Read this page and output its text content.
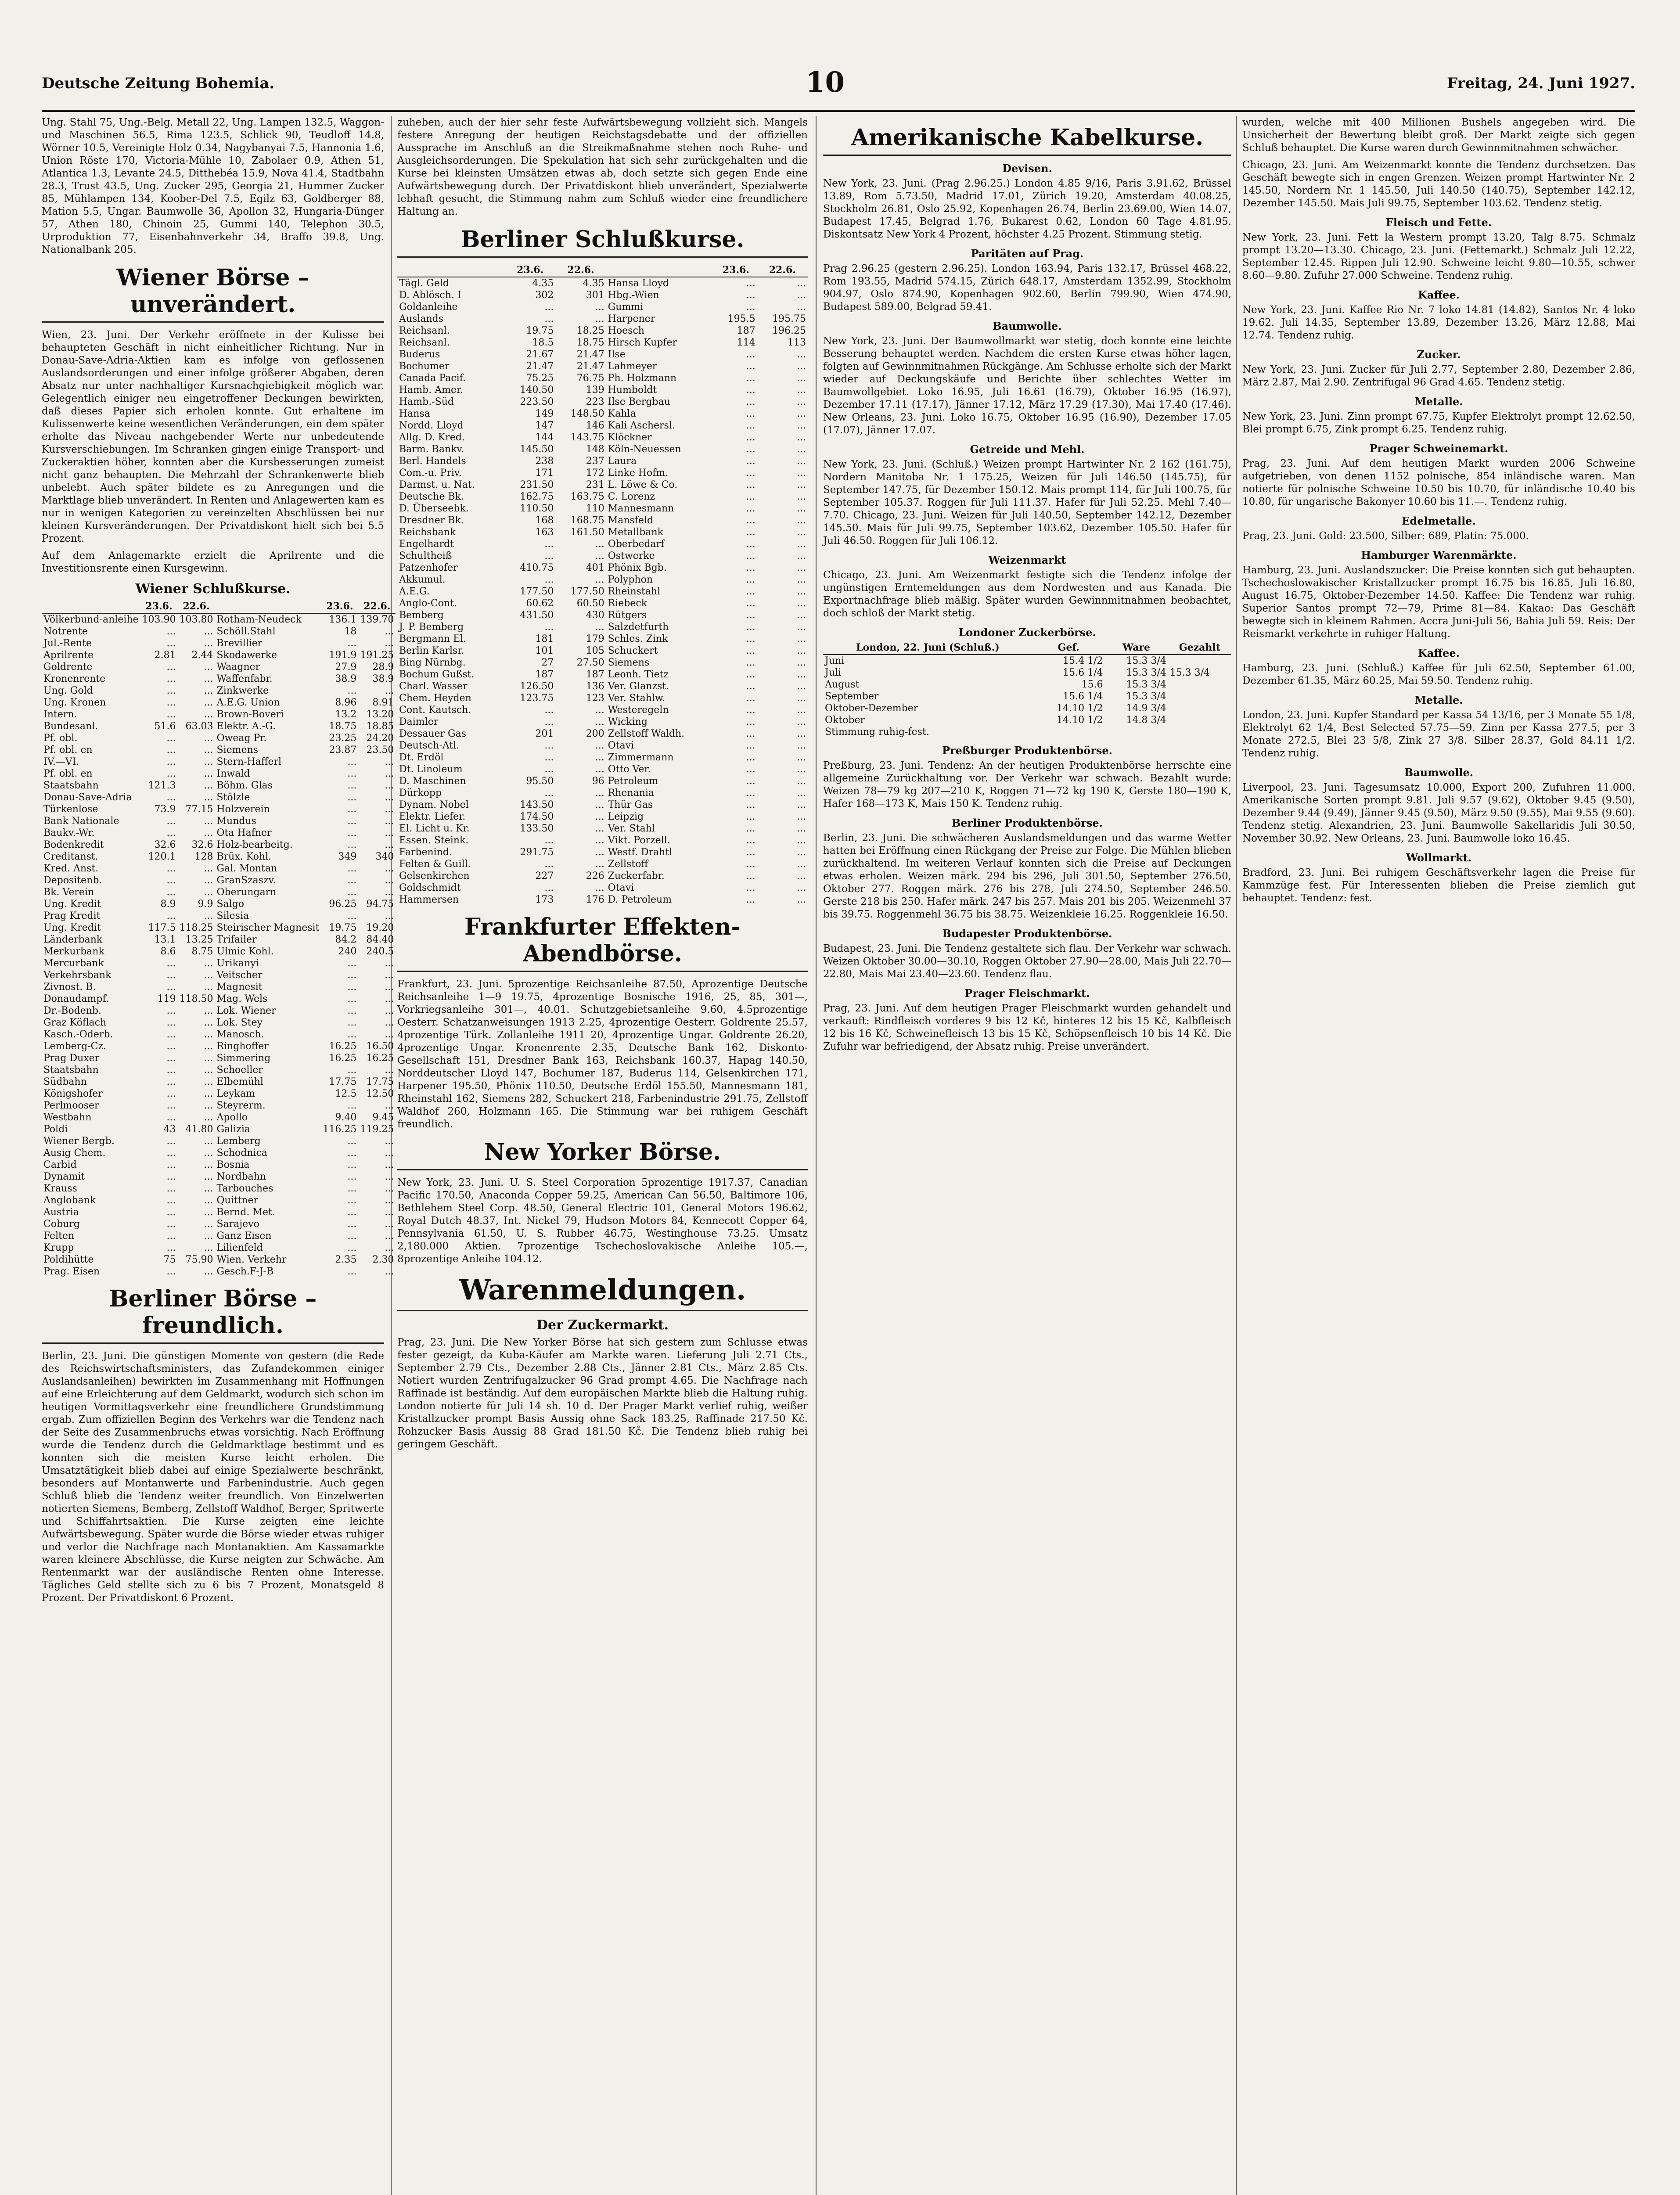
Deutsche Zeitung Bohemia.	10	Freitag, 24. Juni 1927.

Ung. Stahl 75, Ung.-Belg. Metall 22, Ung. Lampen 132.5, Waggon- und Maschinen 56.5, Rima 123.5, Schlick 90, Teudloff 14.8, Wörner 10.5, Vereinigte Holz 0.34, Nagybanyai 7.5, Hannonia 1.6, Union Röste 170, Victoria-Mühle 10, Zabolaer 0.9, Athen 51, Atlantica 1.3, Levante 24.5, Ditthebéa 15.9, Nova 41.4, Stadtbahn 28.3, Trust 43.5, Ung. Zucker 295, Georgia 21, Hummer Zucker 85, Mühlampen 134, Koober-Del 7.5, Egilz 63, Goldberger 88, Mation 5.5, Ungar. Baumwolle 36, Apollon 32, Hungaria-Dünger 57, Athen 180, Chinoin 25, Gummi 140, Telephon 30.5, Urproduktion 77, Eisenbahnverkehr 34, Braffo 39.8, Ung. Nationalbank 205.

Wiener Börse – unverändert.

Wien, 23. Juni. Der Verkehr eröffnete in der Kulisse bei behaupteten Geschäft in nicht einheitlicher Richtung. Nur in Donau-Save-Adria-Aktien kam es infolge von geflossenen Auslandsorderungen und einer infolge größerer Abgaben, deren Absatz nur unter nachhaltiger Kursnachgiebigkeit möglich war. Gelegentlich einiger neu eingetroffener Deckungen bewirkten, daß dieses Papier sich erholen konnte. Gut erhaltene im Kulissenwerte keine wesentlichen Veränderungen, ein dem später erholte das Niveau nachgebender Werte nur unbedeutende Kursverschiebungen. Im Schranken gingen einige Transport- und Zuckeraktien höher, konnten aber die Kursbesserungen zumeist nicht ganz behaupten. Die Mehrzahl der Schrankenwerte blieb unbelebt. Auch später bildete es zu Anregungen und die Marktlage blieb unverändert. In Renten und Anlagewerten kam es nur in wenigen Kategorien zu vereinzelten Abschlüssen bei nur kleinen Kursveränderungen. Der Privatdiskont hielt sich bei 5.5 Prozent.

Auf dem Anlagemarkte erzielt die Aprilrente und die Investitionsrente einen Kursgewinn.

Wiener Schlußkurse.
	23.6.	22.6.		23.6.	22.6.
Völkerbund-anleihe	103.90	103.80	Rotham-Neudeck	136.1	139.70
Notrente	...	...	Schöll.Stahl	18	...
Jul.-Rente	...	...	Brevillier	...	...
Aprilrente	2.81	2.44	Skodawerke	191.9	191.25
Goldrente	...	...	Waagner	27.9	28.9
Kronenrente	...	...	Waffenfabr.	38.9	38.9
Ung. Gold	...	...	Zinkwerke	...	...
Ung. Kronen	...	...	A.E.G. Union	8.96	8.91
Intern.	...	...	Brown-Boveri	13.2	13.20
Bundesanl.	51.6	63.03	Elektr. A.-G.	18.75	18.85
Pf. obl.	...	...	Oweag Pr.	23.25	24.20
Pf. obl. en	...	...	Siemens	23.87	23.50
IV.—VI.	...	...	Stern-Hafferl	...	...
Pf. obl. en	...	...	Inwald	...	...
Staatsbahn	121.3	...	Böhm. Glas	...	...
Donau-Save-Adria	...	...	Stölzle	...	...
Türkenlose	73.9	77.15	Holzverein	...	...
Bank Nationale	...	...	Mundus	...	...
Baukv.-Wr.	...	...	Ota Hafner	...	...
Bodenkredit	32.6	32.6	Holz-bearbeitg.	...	...
Creditanst.	120.1	128	Brüx. Kohl.	349	340
Kred. Anst.	...	...	Gal. Montan	...	...
Depositenb.	...	...	GranSzaszv.	...	...
Bk. Verein	...	...	Oberungarn	...	...
Ung. Kredit	8.9	9.9	Salgo	96.25	94.75
Prag Kredit	...	...	Silesia	...	...
Ung. Kredit	117.5	118.25	Steirischer Magnesit	19.75	19.20
Länderbank	13.1	13.25	Trifailer	84.2	84.40
Merkurbank	8.6	8.75	Ulmic Kohl.	240	240.5
Mercurbank	...	...	Urikanyi	...	...
Verkehrsbank	...	...	Veitscher	...	...
Zivnost. B.	...	...	Magnesit	...	...
Donaudampf.	119	118.50	Mag. Wels	...	...
Dr.-Bodenb.	...	...	Lok. Wiener	...	...
Graz Köflach	...	...	Lok. Stey	...	...
Kasch.-Oderb.	...	...	Manosch.	...	...
Lemberg-Cz.	...	...	Ringhoffer	16.25	16.50
Prag Duxer	...	...	Simmering	16.25	16.25
Staatsbahn	...	...	Schoeller	...	...
Südbahn	...	...	Elbemühl	17.75	17.75
Königshofer	...	...	Leykam	12.5	12.50
Perlmooser	...	...	Steyrerm.	...	...
Westbahn	...	...	Apollo	9.40	9.45
Poldi	43	41.80	Galizia	116.25	119.25
Wiener Bergb.	...	...	Lemberg	...	...
Ausig Chem.	...	...	Schodnica	...	...
Carbid	...	...	Bosnia	...	...
Dynamit	...	...	Nordbahn	...	...
Krauss	...	...	Tarbouches	...	...
Anglobank	...	...	Quittner	...	...
Austria	...	...	Bernd. Met.	...	...
Coburg	...	...	Sarajevo	...	...
Felten	...	...	Ganz Eisen	...	...
Krupp	...	...	Lilienfeld	...	...
Poldihütte	75	75.90	Wien. Verkehr	2.35	2.30
Prag. Eisen	...	...	Gesch.F-J-B	...	...
Berliner Börse – freundlich.

Berlin, 23. Juni. Die günstigen Momente von gestern (die Rede des Reichswirtschaftsministers, das Zufandekommen einiger Auslandsanleihen) bewirkten im Zusammenhang mit Hoffnungen auf eine Erleichterung auf dem Geldmarkt, wodurch sich schon im heutigen Vormittagsverkehr eine freundlichere Grundstimmung ergab. Zum offiziellen Beginn des Verkehrs war die Tendenz nach der Seite des Zusammenbruchs etwas vorsichtig. Nach Eröffnung wurde die Tendenz durch die Geldmarktlage bestimmt und es konnten sich die meisten Kurse leicht erholen. Die Umsatztätigkeit blieb dabei auf einige Spezialwerte beschränkt, besonders auf Montanwerte und Farbenindustrie. Auch gegen Schluß blieb die Tendenz weiter freundlich. Von Einzelwerten notierten Siemens, Bemberg, Zellstoff Waldhof, Berger, Spritwerte und Schiffahrtsaktien. Die Kurse zeigten eine leichte Aufwärtsbewegung. Später wurde die Börse wieder etwas ruhiger und verlor die Nachfrage nach Montanaktien. Am Kassamarkte waren kleinere Abschlüsse, die Kurse neigten zur Schwäche. Am Rentenmarkt war der ausländische Renten ohne Interesse. Tägliches Geld stellte sich zu 6 bis 7 Prozent, Monatsgeld 8 Prozent. Der Privatdiskont 6 Prozent.

zuheben, auch der hier sehr feste Aufwärtsbewegung vollzieht sich. Mangels festere Anregung der heutigen Reichstagsdebatte und der offiziellen Aussprache im Anschluß an die Streikmaßnahme stehen noch Ruhe- und Ausgleichsorderungen. Die Spekulation hat sich sehr zurückgehalten und die Kurse bei kleinsten Umsätzen etwas ab, doch setzte sich gegen Ende eine Aufwärtsbewegung durch. Der Privatdiskont blieb unverändert, Spezialwerte lebhaft gesucht, die Stimmung nahm zum Schluß wieder eine freundlichere Haltung an.

Berliner Schlußkurse.
	23.6.	22.6.		23.6.	22.6.
Tägl. Geld	4.35	4.35	Hansa Lloyd	...	...
D. Ablösch. I	302	301	Hbg.-Wien	...	...
Goldanleihe	...	...	Gummi	...	...
Auslands	...	...	Harpener	195.5	195.75
Reichsanl.	19.75	18.25	Hoesch	187	196.25
Reichsanl.	18.5	18.75	Hirsch Kupfer	114	113
Buderus	21.67	21.47	Ilse	...	...
Bochumer	21.47	21.47	Lahmeyer	...	...
Canada Pacif.	75.25	76.75	Ph. Holzmann	...	...
Hamb. Amer.	140.50	139	Humboldt	...	...
Hamb.-Süd	223.50	223	Ilse Bergbau	...	...
Hansa	149	148.50	Kahla	...	...
Nordd. Lloyd	147	146	Kali Aschersl.	...	...
Allg. D. Kred.	144	143.75	Klöckner	...	...
Barm. Bankv.	145.50	148	Köln-Neuessen	...	...
Berl. Handels	238	237	Laura	...	...
Com.-u. Priv.	171	172	Linke Hofm.	...	...
Darmst. u. Nat.	231.50	231	L. Löwe & Co.	...	...
Deutsche Bk.	162.75	163.75	C. Lorenz	...	...
D. Überseebk.	110.50	110	Mannesmann	...	...
Dresdner Bk.	168	168.75	Mansfeld	...	...
Reichsbank	163	161.50	Metallbank	...	...
Engelhardt	...	...	Oberbedarf	...	...
Schultheiß	...	...	Ostwerke	...	...
Patzenhofer	410.75	401	Phönix Bgb.	...	...
Akkumul.	...	...	Polyphon	...	...
A.E.G.	177.50	177.50	Rheinstahl	...	...
Anglo-Cont.	60.62	60.50	Riebeck	...	...
Bemberg	431.50	430	Rütgers	...	...
J. P. Bemberg	...	...	Salzdetfurth	...	...
Bergmann El.	181	179	Schles. Zink	...	...
Berlin Karlsr.	101	105	Schuckert	...	...
Bing Nürnbg.	27	27.50	Siemens	...	...
Bochum Gußst.	187	187	Leonh. Tietz	...	...
Charl. Wasser	126.50	136	Ver. Glanzst.	...	...
Chem. Heyden	123.75	123	Ver. Stahlw.	...	...
Cont. Kautsch.	...	...	Westeregeln	...	...
Daimler	...	...	Wicking	...	...
Dessauer Gas	201	200	Zellstoff Waldh.	...	...
Deutsch-Atl.	...	...	Otavi	...	...
Dt. Erdöl	...	...	Zimmermann	...	...
Dt. Linoleum	...	...	Otto Ver.	...	...
D. Maschinen	95.50	96	Petroleum	...	...
Dürkopp	...	...	Rhenania	...	...
Dynam. Nobel	143.50	...	Thür Gas	...	...
Elektr. Liefer.	174.50	...	Leipzig	...	...
El. Licht u. Kr.	133.50	...	Ver. Stahl	...	...
Essen. Steink.	...	...	Vikt. Porzell.	...	...
Farbenind.	291.75	...	Westf. Drahtl	...	...
Felten & Guill.	...	...	Zellstoff	...	...
Gelsenkirchen	227	226	Zuckerfabr.	...	...
Goldschmidt	...	...	Otavi	...	...
Hammersen	173	176	D. Petroleum	...	...
Frankfurter Effekten-Abendbörse.

Frankfurt, 23. Juni. 5prozentige Reichsanleihe 87.50, Aprozentige Deutsche Reichsanleihe 1—9 19.75, 4prozentige Bosnische 1916, 25, 85, 301—, Vorkriegsanleihe 301—, 40.01. Schutzgebietsanleihe 9.60, 4.5prozentige Oesterr. Schatzanweisungen 1913 2.25, 4prozentige Oesterr. Goldrente 25.57, 4prozentige Türk. Zollanleihe 1911 20, 4prozentige Ungar. Goldrente 26.20, 4prozentige Ungar. Kronenrente 2.35, Deutsche Bank 162, Diskonto-Gesellschaft 151, Dresdner Bank 163, Reichsbank 160.37, Hapag 140.50, Norddeutscher Lloyd 147, Bochumer 187, Buderus 114, Gelsenkirchen 171, Harpener 195.50, Phönix 110.50, Deutsche Erdöl 155.50, Mannesmann 181, Rheinstahl 162, Siemens 282, Schuckert 218, Farbenindustrie 291.75, Zellstoff Waldhof 260, Holzmann 165. Die Stimmung war bei ruhigem Geschäft freundlich.

New Yorker Börse.

New York, 23. Juni. U. S. Steel Corporation 5prozentige 1917.37, Canadian Pacific 170.50, Anaconda Copper 59.25, American Can 56.50, Baltimore 106, Bethlehem Steel Corp. 48.50, General Electric 101, General Motors 196.62, Royal Dutch 48.37, Int. Nickel 79, Hudson Motors 84, Kennecott Copper 64, Pennsylvania 61.50, U. S. Rubber 46.75, Westinghouse 73.25. Umsatz 2,180.000 Aktien. 7prozentige Tschechoslovakische Anleihe 105.—, 8prozentige Anleihe 104.12.

Warenmeldungen.
Der Zuckermarkt.

Prag, 23. Juni. Die New Yorker Börse hat sich gestern zum Schlusse etwas fester gezeigt, da Kuba-Käufer am Markte waren. Lieferung Juli 2.71 Cts., September 2.79 Cts., Dezember 2.88 Cts., Jänner 2.81 Cts., März 2.85 Cts. Notiert wurden Zentrifugalzucker 96 Grad prompt 4.65. Die Nachfrage nach Raffinade ist beständig. Auf dem europäischen Markte blieb die Haltung ruhig. London notierte für Juli 14 sh. 10 d. Der Prager Markt verlief ruhig, weißer Kristallzucker prompt Basis Aussig ohne Sack 183.25, Raffinade 217.50 Kč. Rohzucker Basis Aussig 88 Grad 181.50 Kč. Die Tendenz blieb ruhig bei geringem Geschäft.

Amerikanische Kabelkurse.
Devisen.

New York, 23. Juni. (Prag 2.96.25.) London 4.85 9/16, Paris 3.91.62, Brüssel 13.89, Rom 5.73.50, Madrid 17.01, Zürich 19.20, Amsterdam 40.08.25, Stockholm 26.81, Oslo 25.92, Kopenhagen 26.74, Berlin 23.69.00, Wien 14.07, Budapest 17.45, Belgrad 1.76, Bukarest 0.62, London 60 Tage 4.81.95. Diskontsatz New York 4 Prozent, höchster 4.25 Prozent. Stimmung stetig.

Paritäten auf Prag.

Prag 2.96.25 (gestern 2.96.25). London 163.94, Paris 132.17, Brüssel 468.22, Rom 193.55, Madrid 574.15, Zürich 648.17, Amsterdam 1352.99, Stockholm 904.97, Oslo 874.90, Kopenhagen 902.60, Berlin 799.90, Wien 474.90, Budapest 589.00, Belgrad 59.41.

Baumwolle.

New York, 23. Juni. Der Baumwollmarkt war stetig, doch konnte eine leichte Besserung behauptet werden. Nachdem die ersten Kurse etwas höher lagen, folgten auf Gewinnmitnahmen Rückgänge. Am Schlusse erholte sich der Markt wieder auf Deckungskäufe und Berichte über schlechtes Wetter im Baumwollgebiet. Loko 16.95, Juli 16.61 (16.79), Oktober 16.95 (16.97), Dezember 17.11 (17.17), Jänner 17.12, März 17.29 (17.30), Mai 17.40 (17.46). New Orleans, 23. Juni. Loko 16.75, Oktober 16.95 (16.90), Dezember 17.05 (17.07), Jänner 17.07.

Getreide und Mehl.

New York, 23. Juni. (Schluß.) Weizen prompt Hartwinter Nr. 2 162 (161.75), Nordern Manitoba Nr. 1 175.25, Weizen für Juli 146.50 (145.75), für September 147.75, für Dezember 150.12. Mais prompt 114, für Juli 100.75, für September 105.37. Roggen für Juli 111.37. Hafer für Juli 52.25. Mehl 7.40—7.70. Chicago, 23. Juni. Weizen für Juli 140.50, September 142.12, Dezember 145.50. Mais für Juli 99.75, September 103.62, Dezember 105.50. Hafer für Juli 46.50. Roggen für Juli 106.12.

Weizenmarkt

Chicago, 23. Juni. Am Weizenmarkt festigte sich die Tendenz infolge der ungünstigen Erntemeldungen aus dem Nordwesten und aus Kanada. Die Exportnachfrage blieb mäßig. Später wurden Gewinnmitnahmen beobachtet, doch schloß der Markt stetig.

Londoner Zuckerbörse.
London, 22. Juni (Schluß.)	Gef.	Ware	Gezahlt
Juni	15.4 1/2	15.3 3/4	
Juli	15.6 1/4	15.3 3/4	15.3 3/4
August	15.6	15.3 3/4	
September	15.6 1/4	15.3 3/4	
Oktober-Dezember	14.10 1/2	14.9 3/4	
Oktober	14.10 1/2	14.8 3/4	
Stimmung ruhig-fest.			
Preßburger Produktenbörse.

Preßburg, 23. Juni. Tendenz: An der heutigen Produktenbörse herrschte eine allgemeine Zurückhaltung vor. Der Verkehr war schwach. Bezahlt wurde: Weizen 78—79 kg 207—210 K, Roggen 71—72 kg 190 K, Gerste 180—190 K, Hafer 168—173 K, Mais 150 K. Tendenz ruhig.

Berliner Produktenbörse.

Berlin, 23. Juni. Die schwächeren Auslandsmeldungen und das warme Wetter hatten bei Eröffnung einen Rückgang der Preise zur Folge. Die Mühlen blieben zurückhaltend. Im weiteren Verlauf konnten sich die Preise auf Deckungen etwas erholen. Weizen märk. 294 bis 296, Juli 301.50, September 276.50, Oktober 277. Roggen märk. 276 bis 278, Juli 274.50, September 246.50. Gerste 218 bis 250. Hafer märk. 247 bis 257. Mais 201 bis 205. Weizenmehl 37 bis 39.75. Roggenmehl 36.75 bis 38.75. Weizenkleie 16.25. Roggenkleie 16.50.

Budapester Produktenbörse.

Budapest, 23. Juni. Die Tendenz gestaltete sich flau. Der Verkehr war schwach. Weizen Oktober 30.00—30.10, Roggen Oktober 27.90—28.00, Mais Juli 22.70—22.80, Mais Mai 23.40—23.60. Tendenz flau.

Prager Fleischmarkt.

Prag, 23. Juni. Auf dem heutigen Prager Fleischmarkt wurden gehandelt und verkauft: Rindfleisch vorderes 9 bis 12 Kč, hinteres 12 bis 15 Kč, Kalbfleisch 12 bis 16 Kč, Schweinefleisch 13 bis 15 Kč, Schöpsenfleisch 10 bis 14 Kč. Die Zufuhr war befriedigend, der Absatz ruhig. Preise unverändert.

wurden, welche mit 400 Millionen Bushels angegeben wird. Die Unsicherheit der Bewertung bleibt groß. Der Markt zeigte sich gegen Schluß behauptet. Die Kurse waren durch Gewinnmitnahmen schwächer.

Chicago, 23. Juni. Am Weizenmarkt konnte die Tendenz durchsetzen. Das Geschäft bewegte sich in engen Grenzen. Weizen prompt Hartwinter Nr. 2 145.50, Nordern Nr. 1 145.50, Juli 140.50 (140.75), September 142.12, Dezember 145.50. Mais Juli 99.75, September 103.62. Tendenz stetig.

Fleisch und Fette.

New York, 23. Juni. Fett la Western prompt 13.20, Talg 8.75. Schmalz prompt 13.20—13.30. Chicago, 23. Juni. (Fettemarkt.) Schmalz Juli 12.22, September 12.45. Rippen Juli 12.90. Schweine leicht 9.80—10.55, schwer 8.60—9.80. Zufuhr 27.000 Schweine. Tendenz ruhig.

Kaffee.

New York, 23. Juni. Kaffee Rio Nr. 7 loko 14.81 (14.82), Santos Nr. 4 loko 19.62. Juli 14.35, September 13.89, Dezember 13.26, März 12.88, Mai 12.74. Tendenz ruhig.

Zucker.

New York, 23. Juni. Zucker für Juli 2.77, September 2.80, Dezember 2.86, März 2.87, Mai 2.90. Zentrifugal 96 Grad 4.65. Tendenz stetig.

Metalle.

New York, 23. Juni. Zinn prompt 67.75, Kupfer Elektrolyt prompt 12.62.50, Blei prompt 6.75, Zink prompt 6.25. Tendenz ruhig.

Prager Schweinemarkt.

Prag, 23. Juni. Auf dem heutigen Markt wurden 2006 Schweine aufgetrieben, von denen 1152 polnische, 854 inländische waren. Man notierte für polnische Schweine 10.50 bis 10.70, für inländische 10.40 bis 10.80, für ungarische Bakonyer 10.60 bis 11.—. Tendenz ruhig.

Edelmetalle.

Prag, 23. Juni. Gold: 23.500, Silber: 689, Platin: 75.000.

Hamburger Warenmärkte.

Hamburg, 23. Juni. Auslandszucker: Die Preise konnten sich gut behaupten. Tschechoslowakischer Kristallzucker prompt 16.75 bis 16.85, Juli 16.80, August 16.75, Oktober-Dezember 14.50. Kaffee: Die Tendenz war ruhig. Superior Santos prompt 72—79, Prime 81—84. Kakao: Das Geschäft bewegte sich in kleinem Rahmen. Accra Juni-Juli 56, Bahia Juli 59. Reis: Der Reismarkt verkehrte in ruhiger Haltung.

Kaffee.

Hamburg, 23. Juni. (Schluß.) Kaffee für Juli 62.50, September 61.00, Dezember 61.35, März 60.25, Mai 59.50. Tendenz ruhig.

Metalle.

London, 23. Juni. Kupfer Standard per Kassa 54 13/16, per 3 Monate 55 1/8, Elektrolyt 62 1/4, Best Selected 57.75—59. Zinn per Kassa 277.5, per 3 Monate 272.5, Blei 23 5/8, Zink 27 3/8. Silber 28.37, Gold 84.11 1/2. Tendenz ruhig.

Baumwolle.

Liverpool, 23. Juni. Tagesumsatz 10.000, Export 200, Zufuhren 11.000. Amerikanische Sorten prompt 9.81. Juli 9.57 (9.62), Oktober 9.45 (9.50), Dezember 9.44 (9.49), Jänner 9.45 (9.50), März 9.50 (9.55), Mai 9.55 (9.60). Tendenz stetig. Alexandrien, 23. Juni. Baumwolle Sakellaridis Juli 30.50, November 30.92. New Orleans, 23. Juni. Baumwolle loko 16.45.

Wollmarkt.

Bradford, 23. Juni. Bei ruhigem Geschäftsverkehr lagen die Preise für Kammzüge fest. Für Interessenten blieben die Preise ziemlich gut behauptet. Tendenz: fest.
